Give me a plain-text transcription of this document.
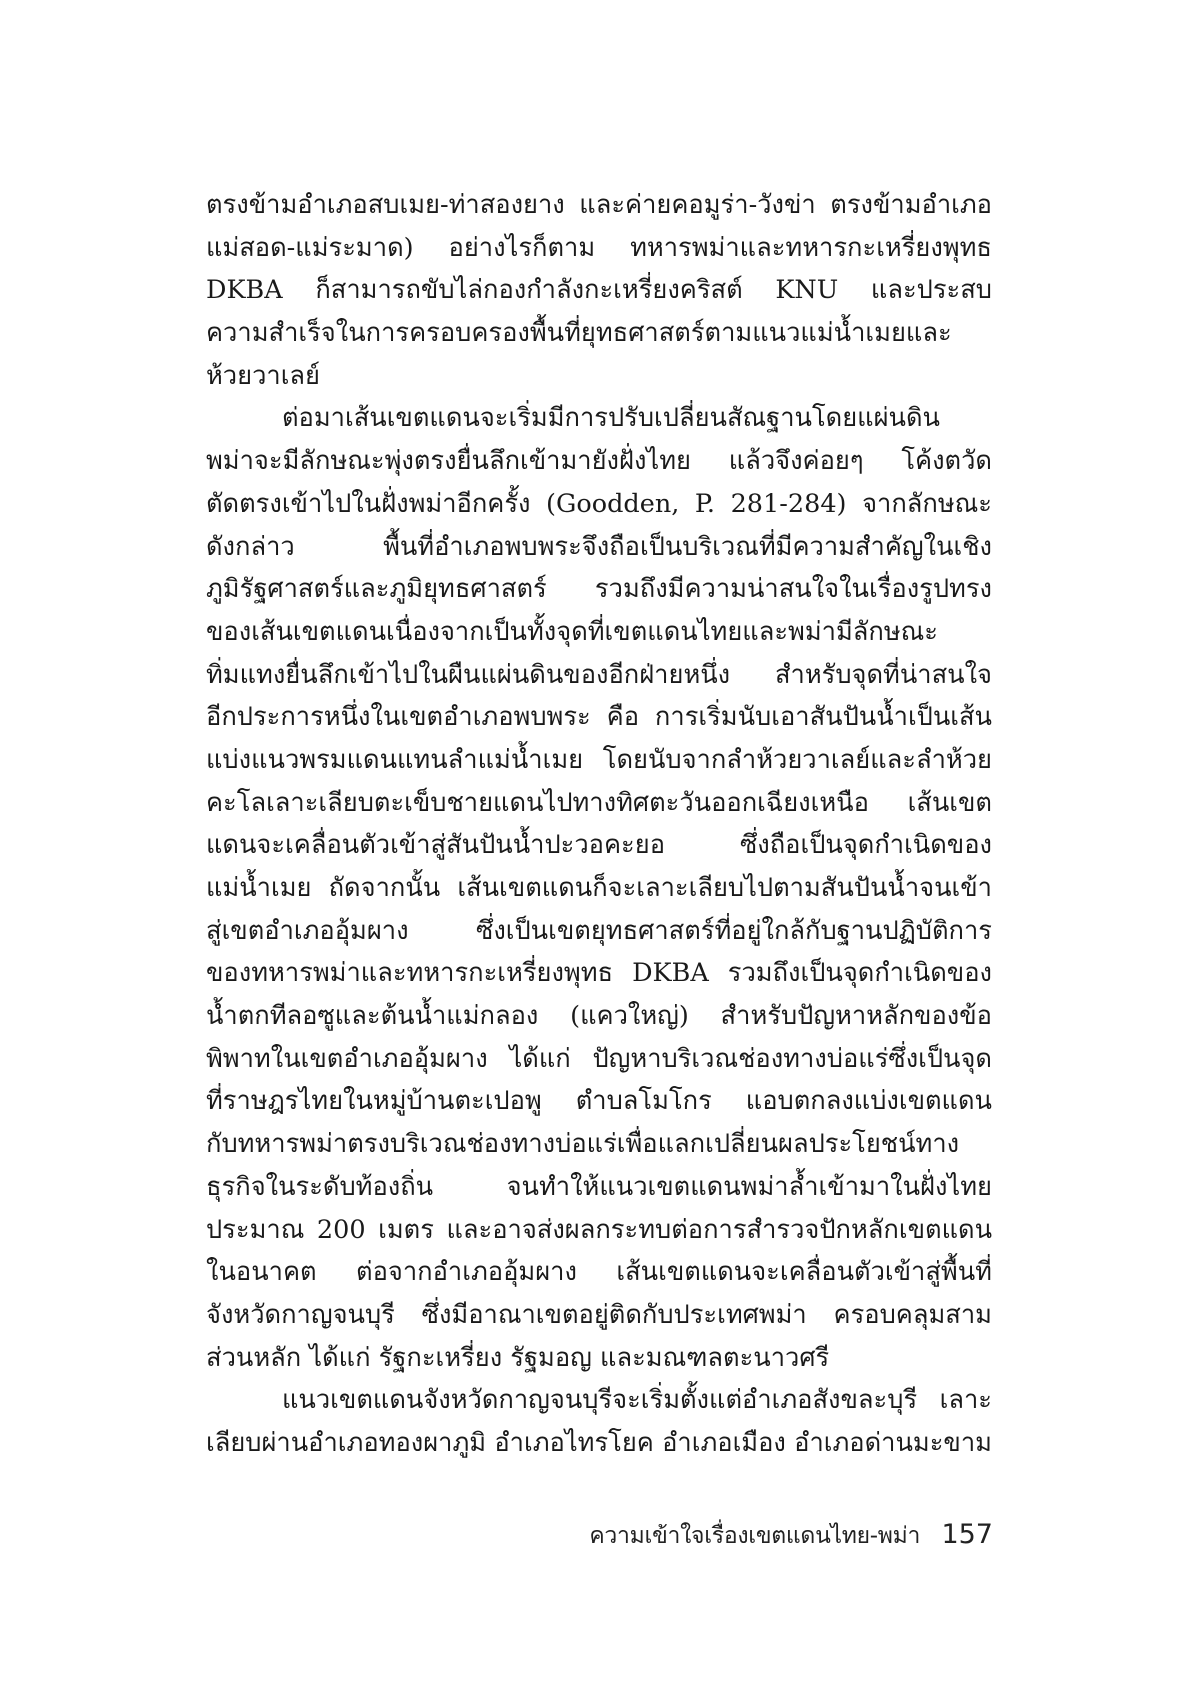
ตรงข้ามอำเภอสบเมย-ท่าสองยาง และค่ายคอมูร่า-วังข่า ตรงข้ามอำเภอ
แม่สอด-แม่ระมาด) อย่างไรก็ตาม ทหารพม่าและทหารกะเหรี่ยงพุทธ
DKBA ก็สามารถขับไล่กองกำลังกะเหรี่ยงคริสต์ KNU และประสบ
ความสำเร็จในการครอบครองพื้นที่ยุทธศาสตร์ตามแนวแม่น้ำเมยและ
ห้วยวาเลย์
ต่อมาเส้นเขตแดนจะเริ่มมีการปรับเปลี่ยนสัณฐานโดยแผ่นดิน
พม่าจะมีลักษณะพุ่งตรงยื่นลึกเข้ามายังฝั่งไทย แล้วจึงค่อยๆ โค้งตวัด
ตัดตรงเข้าไปในฝั่งพม่าอีกครั้ง (Goodden, P. 281-284) จากลักษณะ
ดังกล่าว พื้นที่อำเภอพบพระจึงถือเป็นบริเวณที่มีความสำคัญในเชิง
ภูมิรัฐศาสตร์และภูมิยุทธศาสตร์ รวมถึงมีความน่าสนใจในเรื่องรูปทรง
ของเส้นเขตแดนเนื่องจากเป็นทั้งจุดที่เขตแดนไทยและพม่ามีลักษณะ
ทิ่มแทงยื่นลึกเข้าไปในผืนแผ่นดินของอีกฝ่ายหนึ่ง สำหรับจุดที่น่าสนใจ
อีกประการหนึ่งในเขตอำเภอพบพระ คือ การเริ่มนับเอาสันปันน้ำเป็นเส้น
แบ่งแนวพรมแดนแทนลำแม่น้ำเมย โดยนับจากลำห้วยวาเลย์และลำห้วย
คะโลเลาะเลียบตะเข็บชายแดนไปทางทิศตะวันออกเฉียงเหนือ เส้นเขต
แดนจะเคลื่อนตัวเข้าสู่สันปันน้ำปะวอคะยอ ซึ่งถือเป็นจุดกำเนิดของ
แม่น้ำเมย ถัดจากนั้น เส้นเขตแดนก็จะเลาะเลียบไปตามสันปันน้ำจนเข้า
สู่เขตอำเภออุ้มผาง ซึ่งเป็นเขตยุทธศาสตร์ที่อยู่ใกล้กับฐานปฏิบัติการ
ของทหารพม่าและทหารกะเหรี่ยงพุทธ DKBA รวมถึงเป็นจุดกำเนิดของ
น้ำตกทีลอซูและต้นน้ำแม่กลอง (แควใหญ่) สำหรับปัญหาหลักของข้อ
พิพาทในเขตอำเภออุ้มผาง ได้แก่ ปัญหาบริเวณช่องทางบ่อแร่ซึ่งเป็นจุด
ที่ราษฎรไทยในหมู่บ้านตะเปอพู ตำบลโมโกร แอบตกลงแบ่งเขตแดน
กับทหารพม่าตรงบริเวณช่องทางบ่อแร่เพื่อแลกเปลี่ยนผลประโยชน์ทาง
ธุรกิจในระดับท้องถิ่น จนทำให้แนวเขตแดนพม่าล้ำเข้ามาในฝั่งไทย
ประมาณ 200 เมตร และอาจส่งผลกระทบต่อการสำรวจปักหลักเขตแดน
ในอนาคต ต่อจากอำเภออุ้มผาง เส้นเขตแดนจะเคลื่อนตัวเข้าสู่พื้นที่
จังหวัดกาญจนบุรี ซึ่งมีอาณาเขตอยู่ติดกับประเทศพม่า ครอบคลุมสาม
ส่วนหลัก ได้แก่ รัฐกะเหรี่ยง รัฐมอญ และมณฑลตะนาวศรี
แนวเขตแดนจังหวัดกาญจนบุรีจะเริ่มตั้งแต่อำเภอสังขละบุรี เลาะ
เลียบผ่านอำเภอทองผาภูมิ อำเภอไทรโยค อำเภอเมือง อำเภอด่านมะขาม
ความเข้าใจเรื่องเขตแดนไทย-พม่า 157
